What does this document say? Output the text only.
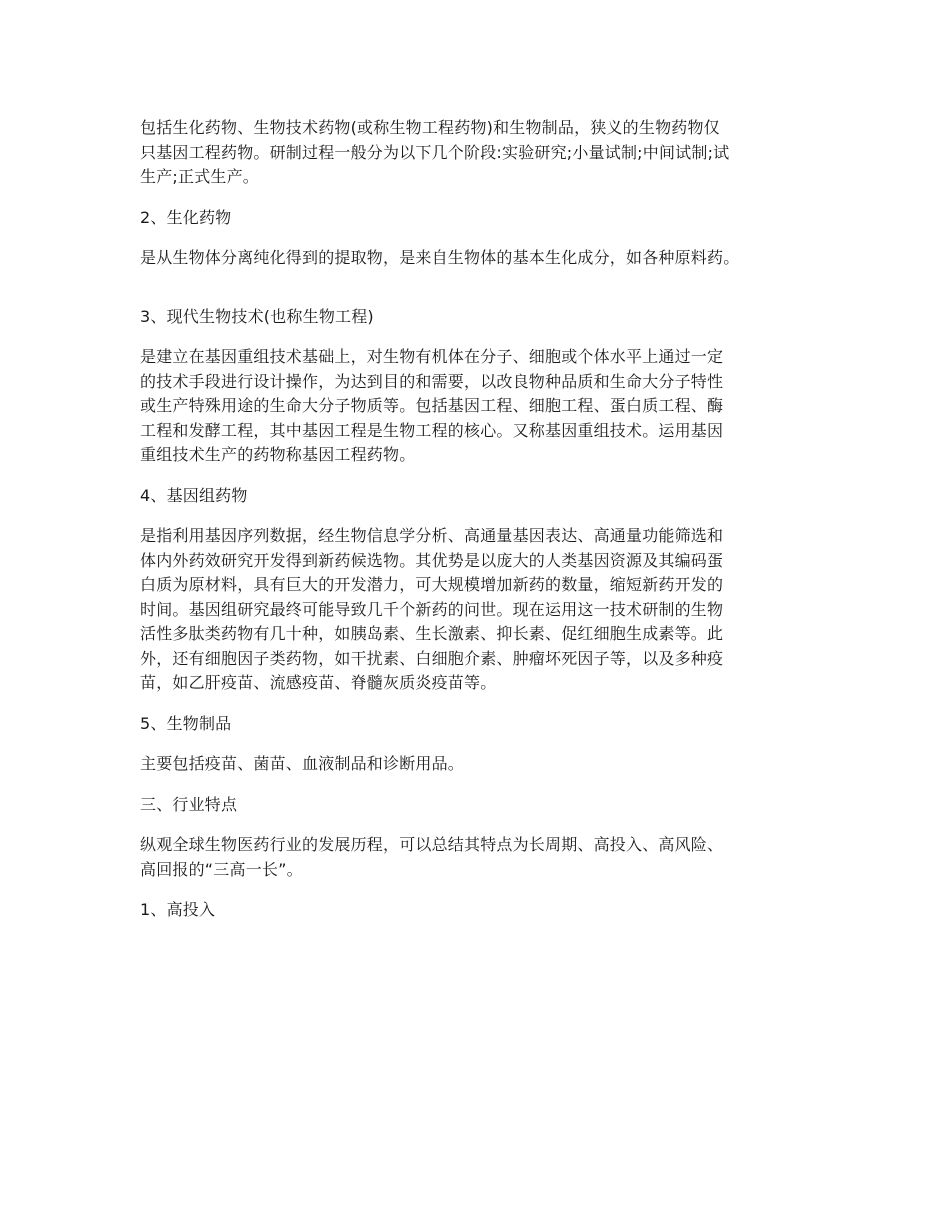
包括生化药物、生物技术药物(或称生物工程药物)和生物制品，狭义的生物药物仅
只基因工程药物。研制过程一般分为以下几个阶段:实验研究;小量试制;中间试制;试
生产;正式生产。

2、生化药物

是从生物体分离纯化得到的提取物，是来自生物体的基本生化成分，如各种原料药。

3、现代生物技术(也称生物工程)

是建立在基因重组技术基础上，对生物有机体在分子、细胞或个体水平上通过一定
的技术手段进行设计操作，为达到目的和需要，以改良物种品质和生命大分子特性
或生产特殊用途的生命大分子物质等。包括基因工程、细胞工程、蛋白质工程、酶
工程和发酵工程，其中基因工程是生物工程的核心。又称基因重组技术。运用基因
重组技术生产的药物称基因工程药物。

4、基因组药物

是指利用基因序列数据，经生物信息学分析、高通量基因表达、高通量功能筛选和
体内外药效研究开发得到新药候选物。其优势是以庞大的人类基因资源及其编码蛋
白质为原材料，具有巨大的开发潜力，可大规模增加新药的数量，缩短新药开发的
时间。基因组研究最终可能导致几千个新药的问世。现在运用这一技术研制的生物
活性多肽类药物有几十种，如胰岛素、生长激素、抑长素、促红细胞生成素等。此
外，还有细胞因子类药物，如干扰素、白细胞介素、肿瘤坏死因子等，以及多种疫
苗，如乙肝疫苗、流感疫苗、脊髓灰质炎疫苗等。

5、生物制品

主要包括疫苗、菌苗、血液制品和诊断用品。

三、行业特点

纵观全球生物医药行业的发展历程，可以总结其特点为长周期、高投入、高风险、
高回报的“三高一长”。

1、高投入
